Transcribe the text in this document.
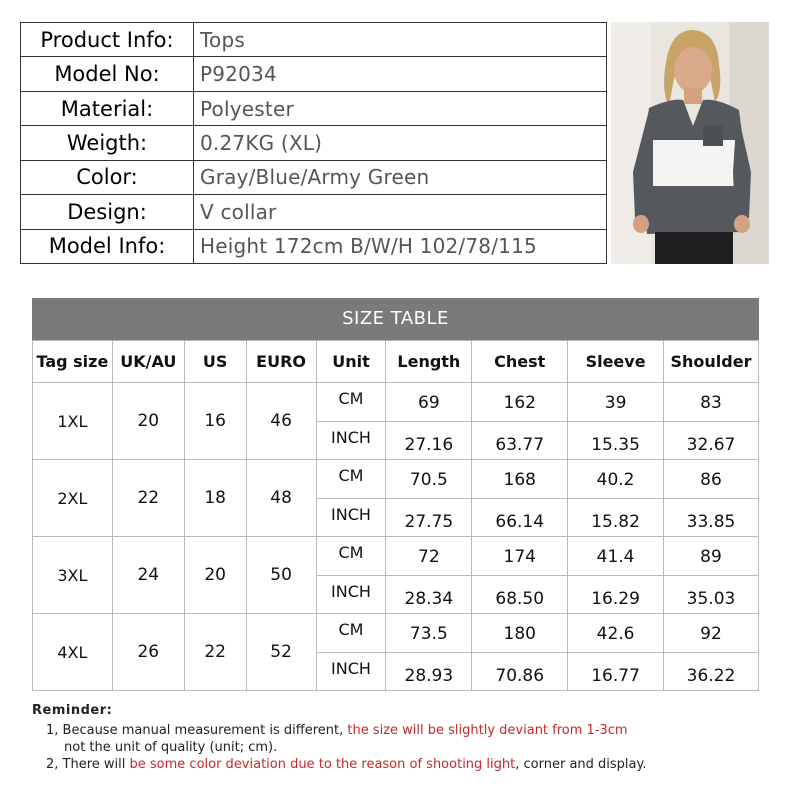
Product Info:	Tops
Model No:	P92034
Material:	Polyester
Weigth:	0.27KG (XL)
Color:	Gray/Blue/Army Green
Design:	V collar
Model Info:	Height 172cm B/W/H 102/78/115
SIZE TABLE
Tag size	UK/AU	US	EURO	Unit	Length	Chest	Sleeve	Shoulder
1XL	20	16	46	CM	69	162	39	83
				INCH	27.16	63.77	15.35	32.67
2XL	22	18	48	CM	70.5	168	40.2	86
				INCH	27.75	66.14	15.82	33.85
3XL	24	20	50	CM	72	174	41.4	89
				INCH	28.34	68.50	16.29	35.03
4XL	26	22	52	CM	73.5	180	42.6	92
				INCH	28.93	70.86	16.77	36.22
Reminder:
1, Because manual measurement is different, the size will be slightly deviant from 1-3cm
not the unit of quality (unit; cm).
2, There will be some color deviation due to the reason of shooting light, corner and display.
